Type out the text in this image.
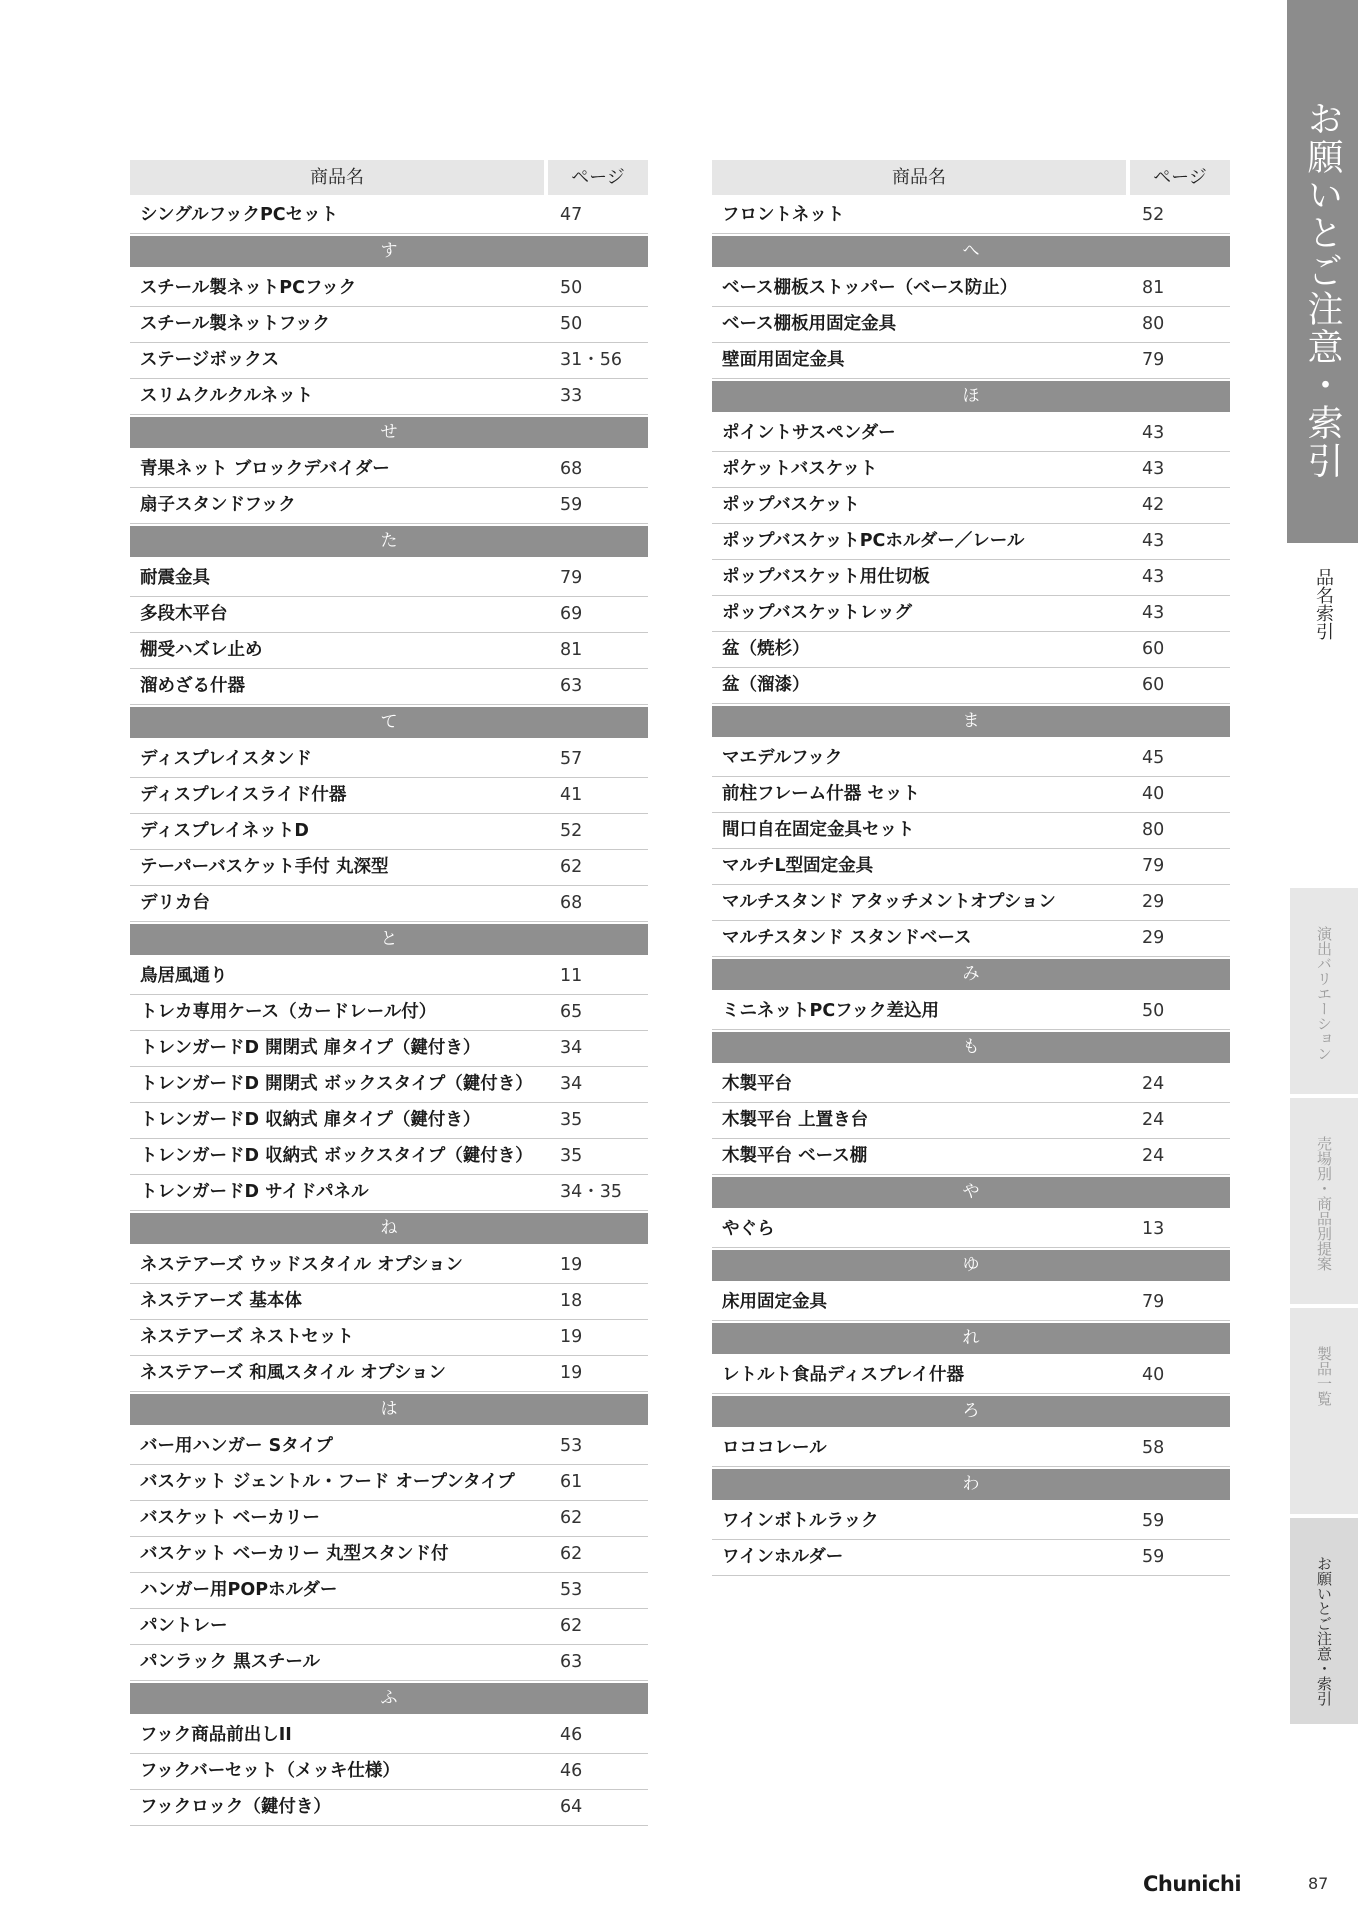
商品名	ページ
シングルフックPCセット	47
す
スチール製ネットPCフック	50
スチール製ネットフック	50
ステージボックス	31・56
スリムクルクルネット	33
せ
青果ネット ブロックデバイダー	68
扇子スタンドフック	59
た
耐震金具	79
多段木平台	69
棚受ハズレ止め	81
溜めざる什器	63
て
ディスプレイスタンド	57
ディスプレイスライド什器	41
ディスプレイネットD	52
テーパーバスケット手付 丸深型	62
デリカ台	68
と
鳥居風通り	11
トレカ専用ケース（カードレール付）	65
トレンガードD 開閉式 扉タイプ（鍵付き）	34
トレンガードD 開閉式 ボックスタイプ（鍵付き）	34
トレンガードD 収納式 扉タイプ（鍵付き）	35
トレンガードD 収納式 ボックスタイプ（鍵付き）	35
トレンガードD サイドパネル	34・35
ね
ネステアーズ ウッドスタイル オプション	19
ネステアーズ 基本体	18
ネステアーズ ネストセット	19
ネステアーズ 和風スタイル オプション	19
は
バー用ハンガー Sタイプ	53
バスケット ジェントル・フード オープンタイプ	61
バスケット ベーカリー	62
バスケット ベーカリー 丸型スタンド付	62
ハンガー用POPホルダー	53
パントレー	62
パンラック 黒スチール	63
ふ
フック商品前出しII	46
フックバーセット（メッキ仕様）	46
フックロック（鍵付き）	64
商品名	ページ
フロントネット	52
へ
ベース棚板ストッパー（ベース防止）	81
ベース棚板用固定金具	80
壁面用固定金具	79
ほ
ポイントサスペンダー	43
ポケットバスケット	43
ポップバスケット	42
ポップバスケットPCホルダー／レール	43
ポップバスケット用仕切板	43
ポップバスケットレッグ	43
盆（焼杉）	60
盆（溜漆）	60
ま
マエデルフック	45
前柱フレーム什器 セット	40
間口自在固定金具セット	80
マルチL型固定金具	79
マルチスタンド アタッチメントオプション	29
マルチスタンド スタンドベース	29
み
ミニネットPCフック差込用	50
も
木製平台	24
木製平台 上置き台	24
木製平台 ベース棚	24
や
やぐら	13
ゆ
床用固定金具	79
れ
レトルト食品ディスプレイ什器	40
ろ
ロココレール	58
わ
ワインボトルラック	59
ワインホルダー	59
お願いとご注意・索引
品名索引
演出バリエーション
売場別・商品別提案
製品一覧
お願いとご注意・索引
Chunichi	87
